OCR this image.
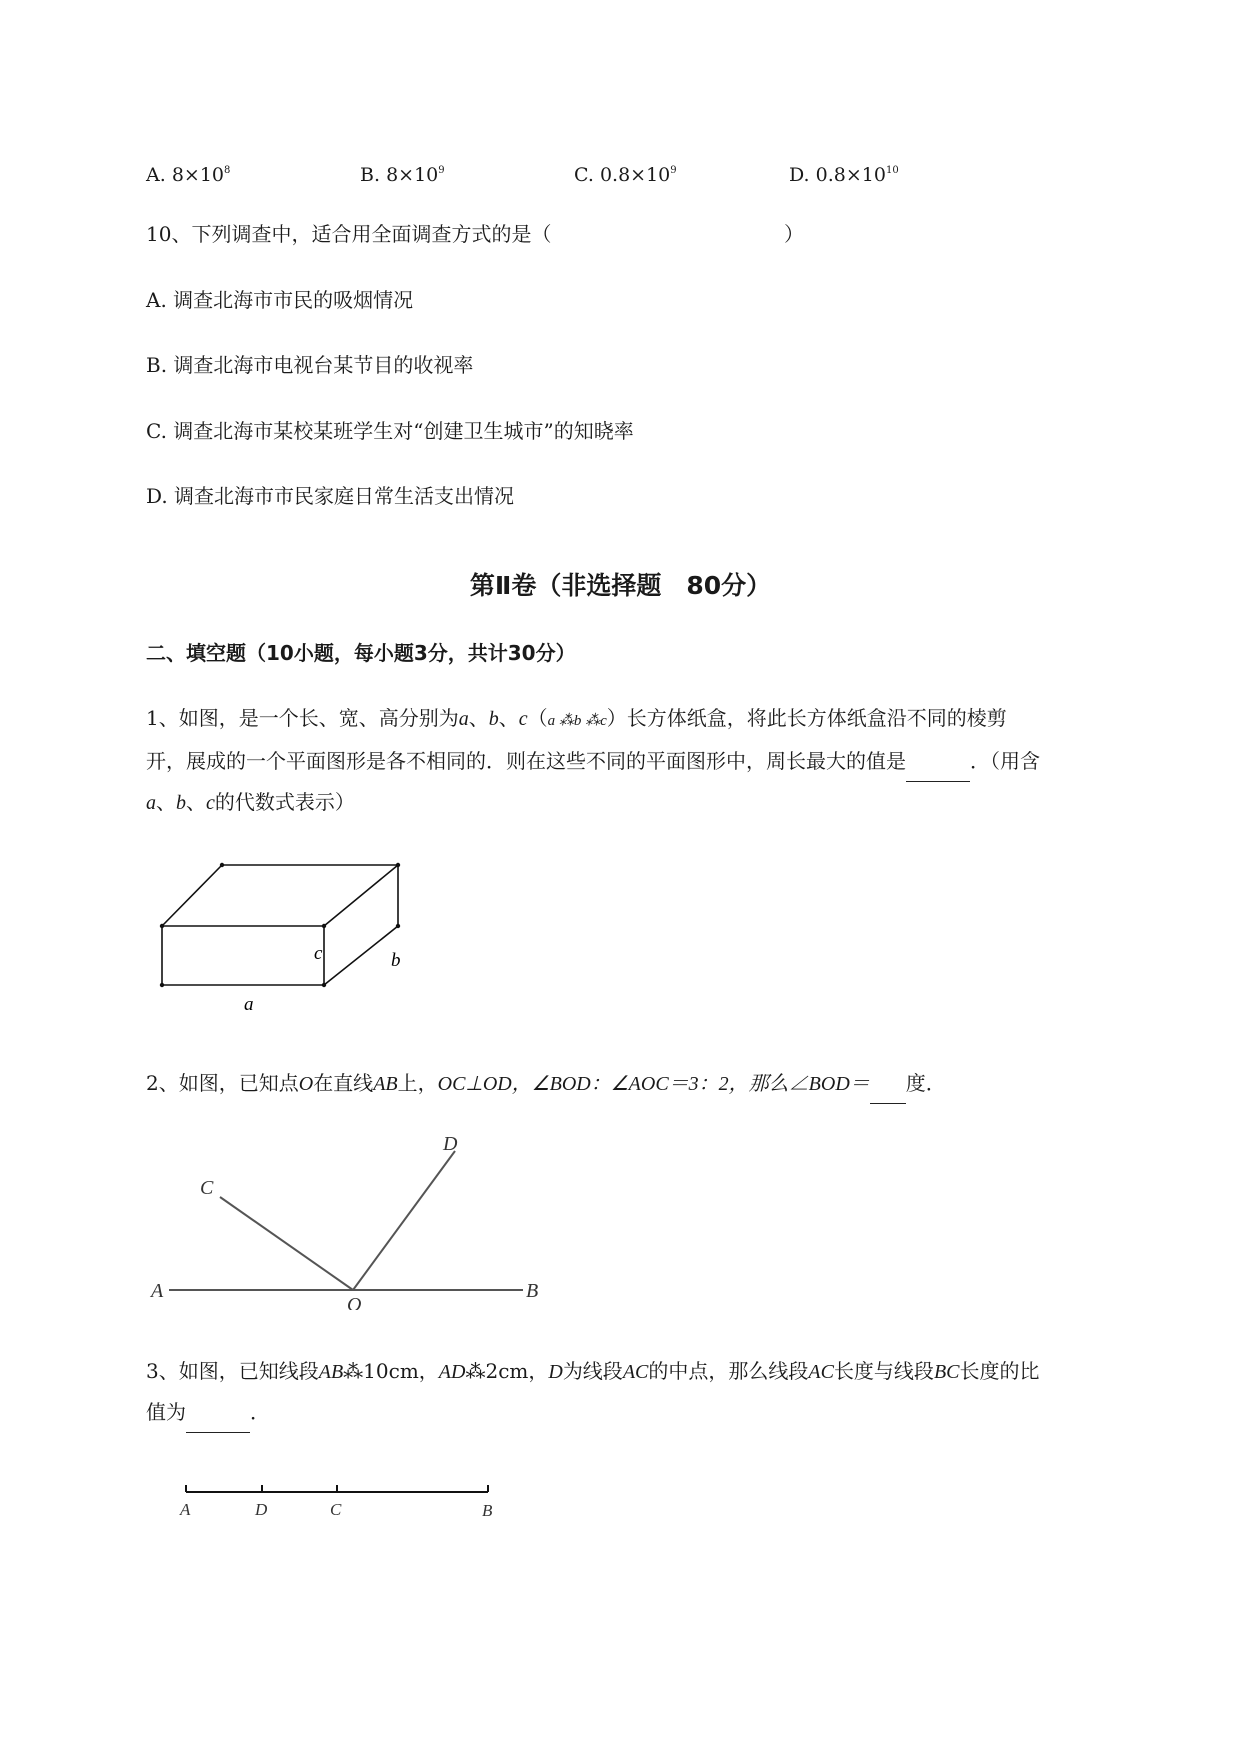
A. $8\times 10^8$	B. $8\times 10^9$	C. $0.8\times 10^9$	D. $0.8\times 10^{10}$
10、下列调查中，适合用全面调查方式的是（	）
A. 调查北海市市民的吸烟情况
B. 调查北海市电视台某节目的收视率
C. 调查北海市某校某班学生对“创建卫生城市”的知晓率
D. 调查北海市市民家庭日常生活支出情况
第Ⅱ卷（非选择题　80分）
二、填空题（10小题，每小题3分，共计30分）
1、如图，是一个长、宽、高分别为a、b、c（a ⁂b ⁂c）长方体纸盒，将此长方体纸盒沿不同的棱剪
开，展成的一个平面图形是各不相同的．则在这些不同的平面图形中，周长最大的值是	．（用含
a、b、c的代数式表示）
c	b
a
2、如图，已知点O在直线AB上，OC⊥OD，∠BOD：∠AOC＝3：2，那么∠BOD＝ 度．
A	B
C
D
O
3、如图，已知线段AB⁂10cm，AD⁂2cm，D为线段AC的中点，那么线段AC长度与线段BC长度的比
值为	．
A	D	C	B
